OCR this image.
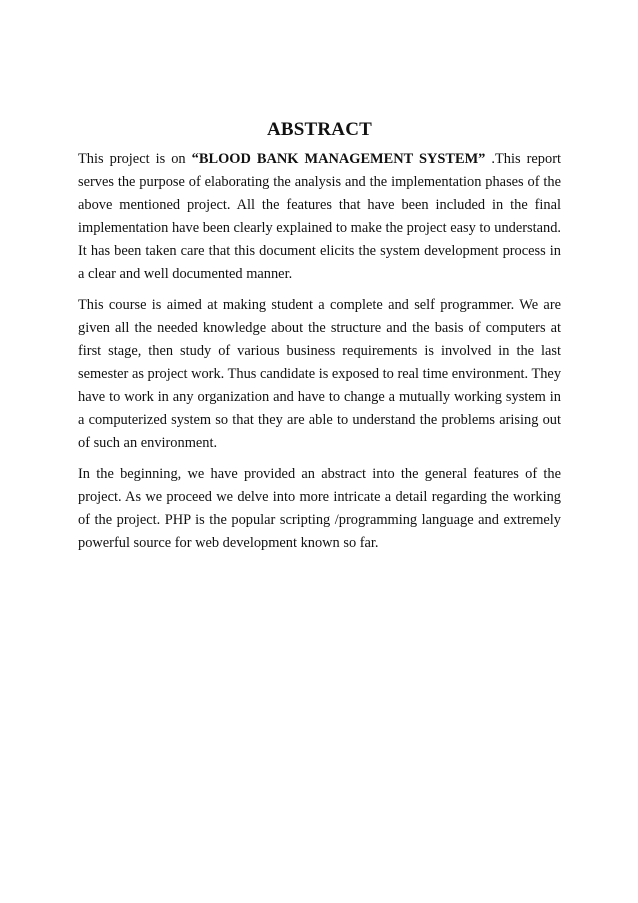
ABSTRACT

This project is on “BLOOD BANK MANAGEMENT SYSTEM” .This report serves the purpose of elaborating the analysis and the implementation phases of the above mentioned project. All the features that have been included in the final implementation have been clearly explained to make the project easy to understand. It has been taken care that this document elicits the system development process in a clear and well documented manner.

This course is aimed at making student a complete and self programmer. We are given all the needed knowledge about the structure and the basis of computers at first stage, then study of various business requirements is involved in the last semester as project work. Thus candidate is exposed to real time environment. They have to work in any organization and have to change a mutually working system in a computerized system so that they are able to understand the problems arising out of such an environment.

In the beginning, we have provided an abstract into the general features of the project. As we proceed we delve into more intricate a detail regarding the working of the project. PHP is the popular scripting /programming language and extremely powerful source for web development known so far.
